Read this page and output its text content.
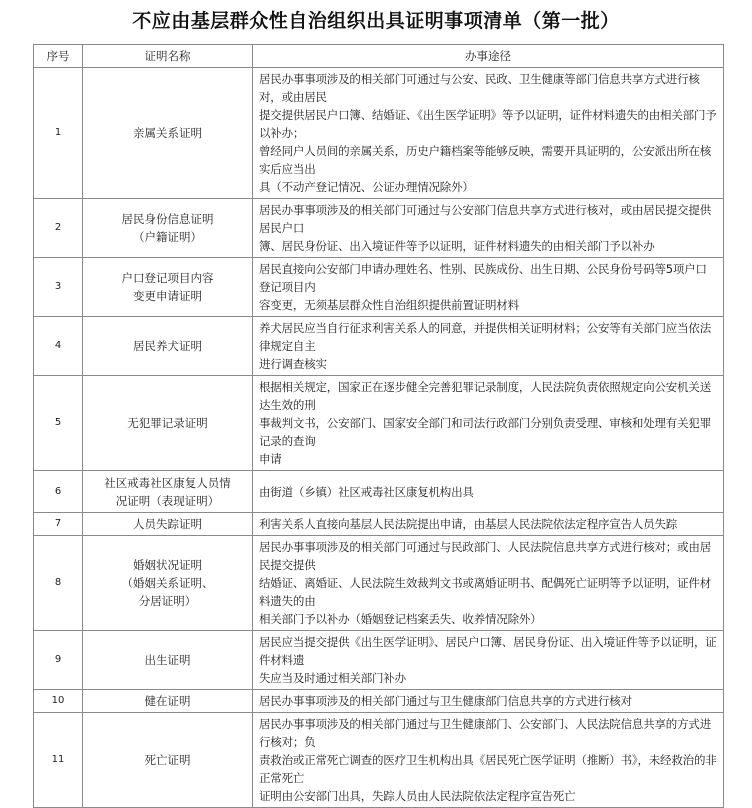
不应由基层群众性自治组织出具证明事项清单（第一批）
序号	证明名称	办事途径
1	亲属关系证明	居民办事事项涉及的相关部门可通过与公安、民政、卫生健康等部门信息共享方式进行核对，或由居民
提交提供居民户口簿、结婚证、《出生医学证明》等予以证明，证件材料遗失的由相关部门予以补办；
曾经同户人员间的亲属关系，历史户籍档案等能够反映，需要开具证明的，公安派出所在核实后应当出
具（不动产登记情况、公证办理情况除外）

2	居民身份信息证明
（户籍证明）	居民办事事项涉及的相关部门可通过与公安部门信息共享方式进行核对，或由居民提交提供居民户口
簿、居民身份证、出入境证件等予以证明，证件材料遗失的由相关部门予以补办

3	户口登记项目内容
变更申请证明	居民直接向公安部门申请办理姓名、性别、民族成份、出生日期、公民身份号码等5项户口登记项目内
容变更，无须基层群众性自治组织提供前置证明材料

4	居民养犬证明	养犬居民应当自行征求利害关系人的同意，并提供相关证明材料；公安等有关部门应当依法律规定自主
进行调查核实

5	无犯罪记录证明	根据相关规定，国家正在逐步健全完善犯罪记录制度，人民法院负责依照规定向公安机关送达生效的刑
事裁判文书，公安部门、国家安全部门和司法行政部门分别负责受理、审核和处理有关犯罪记录的查询
申请

6	社区戒毒社区康复人员情
况证明（表现证明）	由街道（乡镇）社区戒毒社区康复机构出具

7	人员失踪证明	利害关系人直接向基层人民法院提出申请，由基层人民法院依法定程序宣告人员失踪

8	婚姻状况证明
（婚姻关系证明、
分居证明）	居民办事事项涉及的相关部门可通过与民政部门、人民法院信息共享方式进行核对；或由居民提交提供
结婚证、离婚证、人民法院生效裁判文书或离婚证明书、配偶死亡证明等予以证明，证件材料遗失的由
相关部门予以补办（婚姻登记档案丢失、收养情况除外）

9	出生证明	居民应当提交提供《出生医学证明》、居民户口簿、居民身份证、出入境证件等予以证明，证件材料遗
失应当及时通过相关部门补办

10	健在证明	居民办事事项涉及的相关部门通过与卫生健康部门信息共享的方式进行核对

11	死亡证明	居民办事事项涉及的相关部门通过与卫生健康部门、公安部门、人民法院信息共享的方式进行核对；负
责救治或正常死亡调查的医疗卫生机构出具《居民死亡医学证明（推断）书》，未经救治的非正常死亡
证明由公安部门出具，失踪人员由人民法院依法定程序宣告死亡
